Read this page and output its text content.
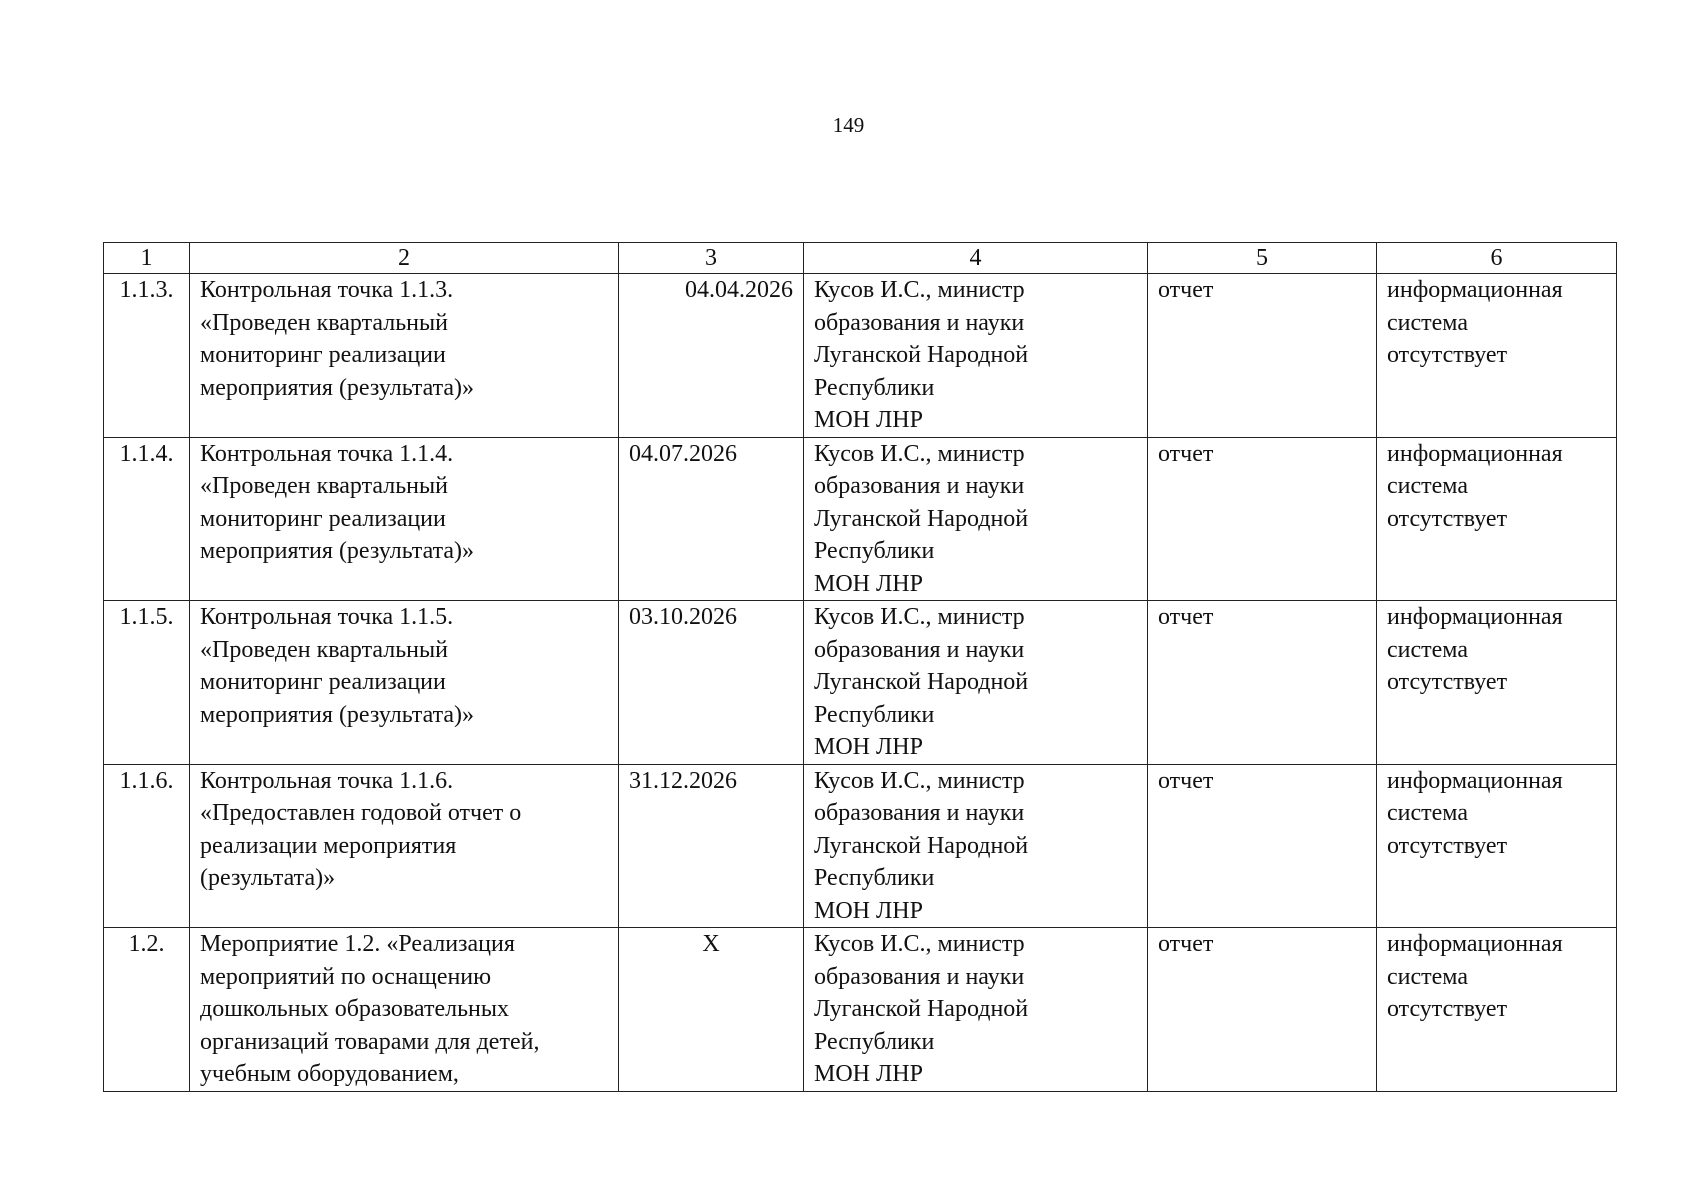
149
1	2	3	4	5	6
1.1.3.	Контрольная точка 1.1.3.
«Проведен квартальный
мониторинг реализации
мероприятия (результата)»	04.04.2026	Кусов И.С., министр
образования и науки
Луганской Народной
Республики
МОН ЛНР	отчет	информационная
система
отсутствует

1.1.4.	Контрольная точка 1.1.4.
«Проведен квартальный
мониторинг реализации
мероприятия (результата)»	04.07.2026	Кусов И.С., министр
образования и науки
Луганской Народной
Республики
МОН ЛНР	отчет	информационная
система
отсутствует

1.1.5.	Контрольная точка 1.1.5.
«Проведен квартальный
мониторинг реализации
мероприятия (результата)»	03.10.2026	Кусов И.С., министр
образования и науки
Луганской Народной
Республики
МОН ЛНР	отчет	информационная
система
отсутствует

1.1.6.	Контрольная точка 1.1.6.
«Предоставлен годовой отчет о
реализации мероприятия
(результата)»	31.12.2026	Кусов И.С., министр
образования и науки
Луганской Народной
Республики
МОН ЛНР	отчет	информационная
система
отсутствует

1.2.	Мероприятие 1.2. «Реализация
мероприятий по оснащению
дошкольных образовательных
организаций товарами для детей,
учебным оборудованием,	X	Кусов И.С., министр
образования и науки
Луганской Народной
Республики
МОН ЛНР	отчет	информационная
система
отсутствует
